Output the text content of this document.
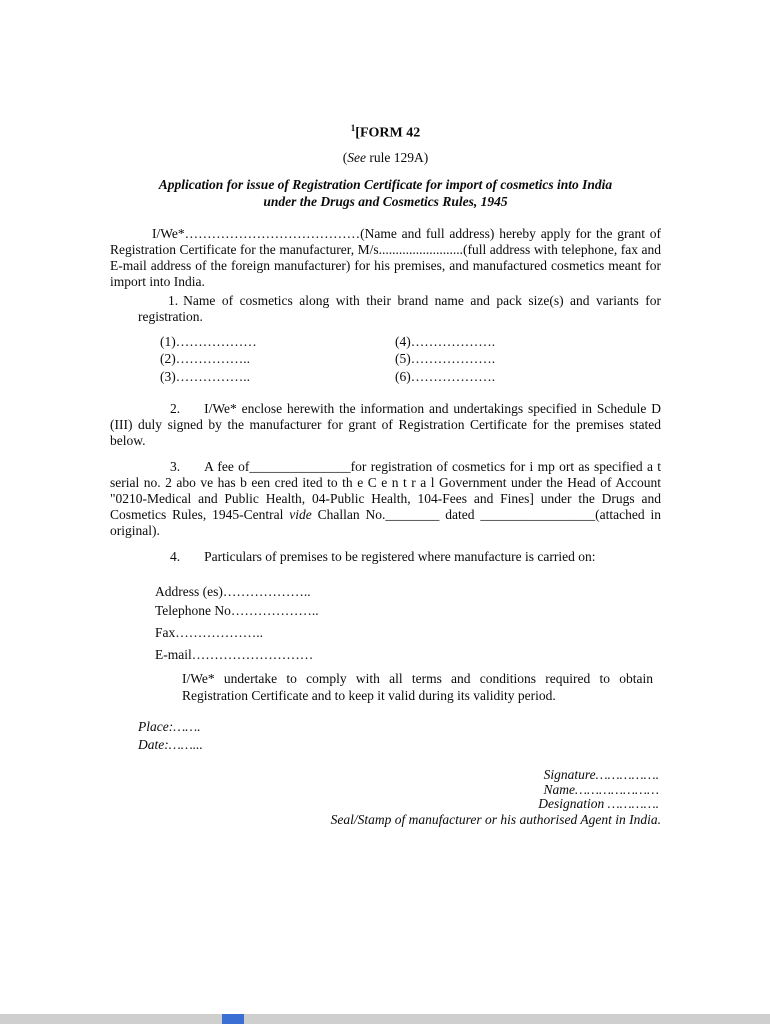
$^1$[FORM 42
(See rule 129A)
Application for issue of Registration Certificate for import of cosmetics into India
under the Drugs and Cosmetics Rules, 1945

I/We*…………………………………(Name and full address) hereby apply for the grant of Registration Certificate for the manufacturer, M/s.........................(full address with telephone, fax and E-mail address of the foreign manufacturer) for his premises, and manufactured cosmetics meant for import into India.

1. Name of cosmetics along with their brand name and pack size(s) and variants for registration.

(1)………………
(2)……………..
(3)……………..
(4)……………….
(5)……………….
(6)……………….

2. I/We* enclose herewith the information and undertakings specified in Schedule D (III) duly signed by the manufacturer for grant of Registration Certificate for the premises stated below.

3. A fee of_______________for registration of cosmetics for i mp ort as specified a t serial no. 2 abo ve has b een cred ited to th e C e n t r a l Government under the Head of Account "0210-Medical and Public Health, 04-Public Health, 104-Fees and Fines] under the Drugs and Cosmetics Rules, 1945-Central vide Challan No.________ dated _________________(attached in original).

4. Particulars of premises to be registered where manufacture is carried on:

Address (es)………………..
Telephone No………………..
Fax………………..
E-mail………………………

I/We* undertake to comply with all terms and conditions required to obtain Registration Certificate and to keep it valid during its validity period.

Place:…….
Date:……...
Signature…………….
Name…………………
Designation ………….
Seal/Stamp of manufacturer or his authorised Agent in India.
